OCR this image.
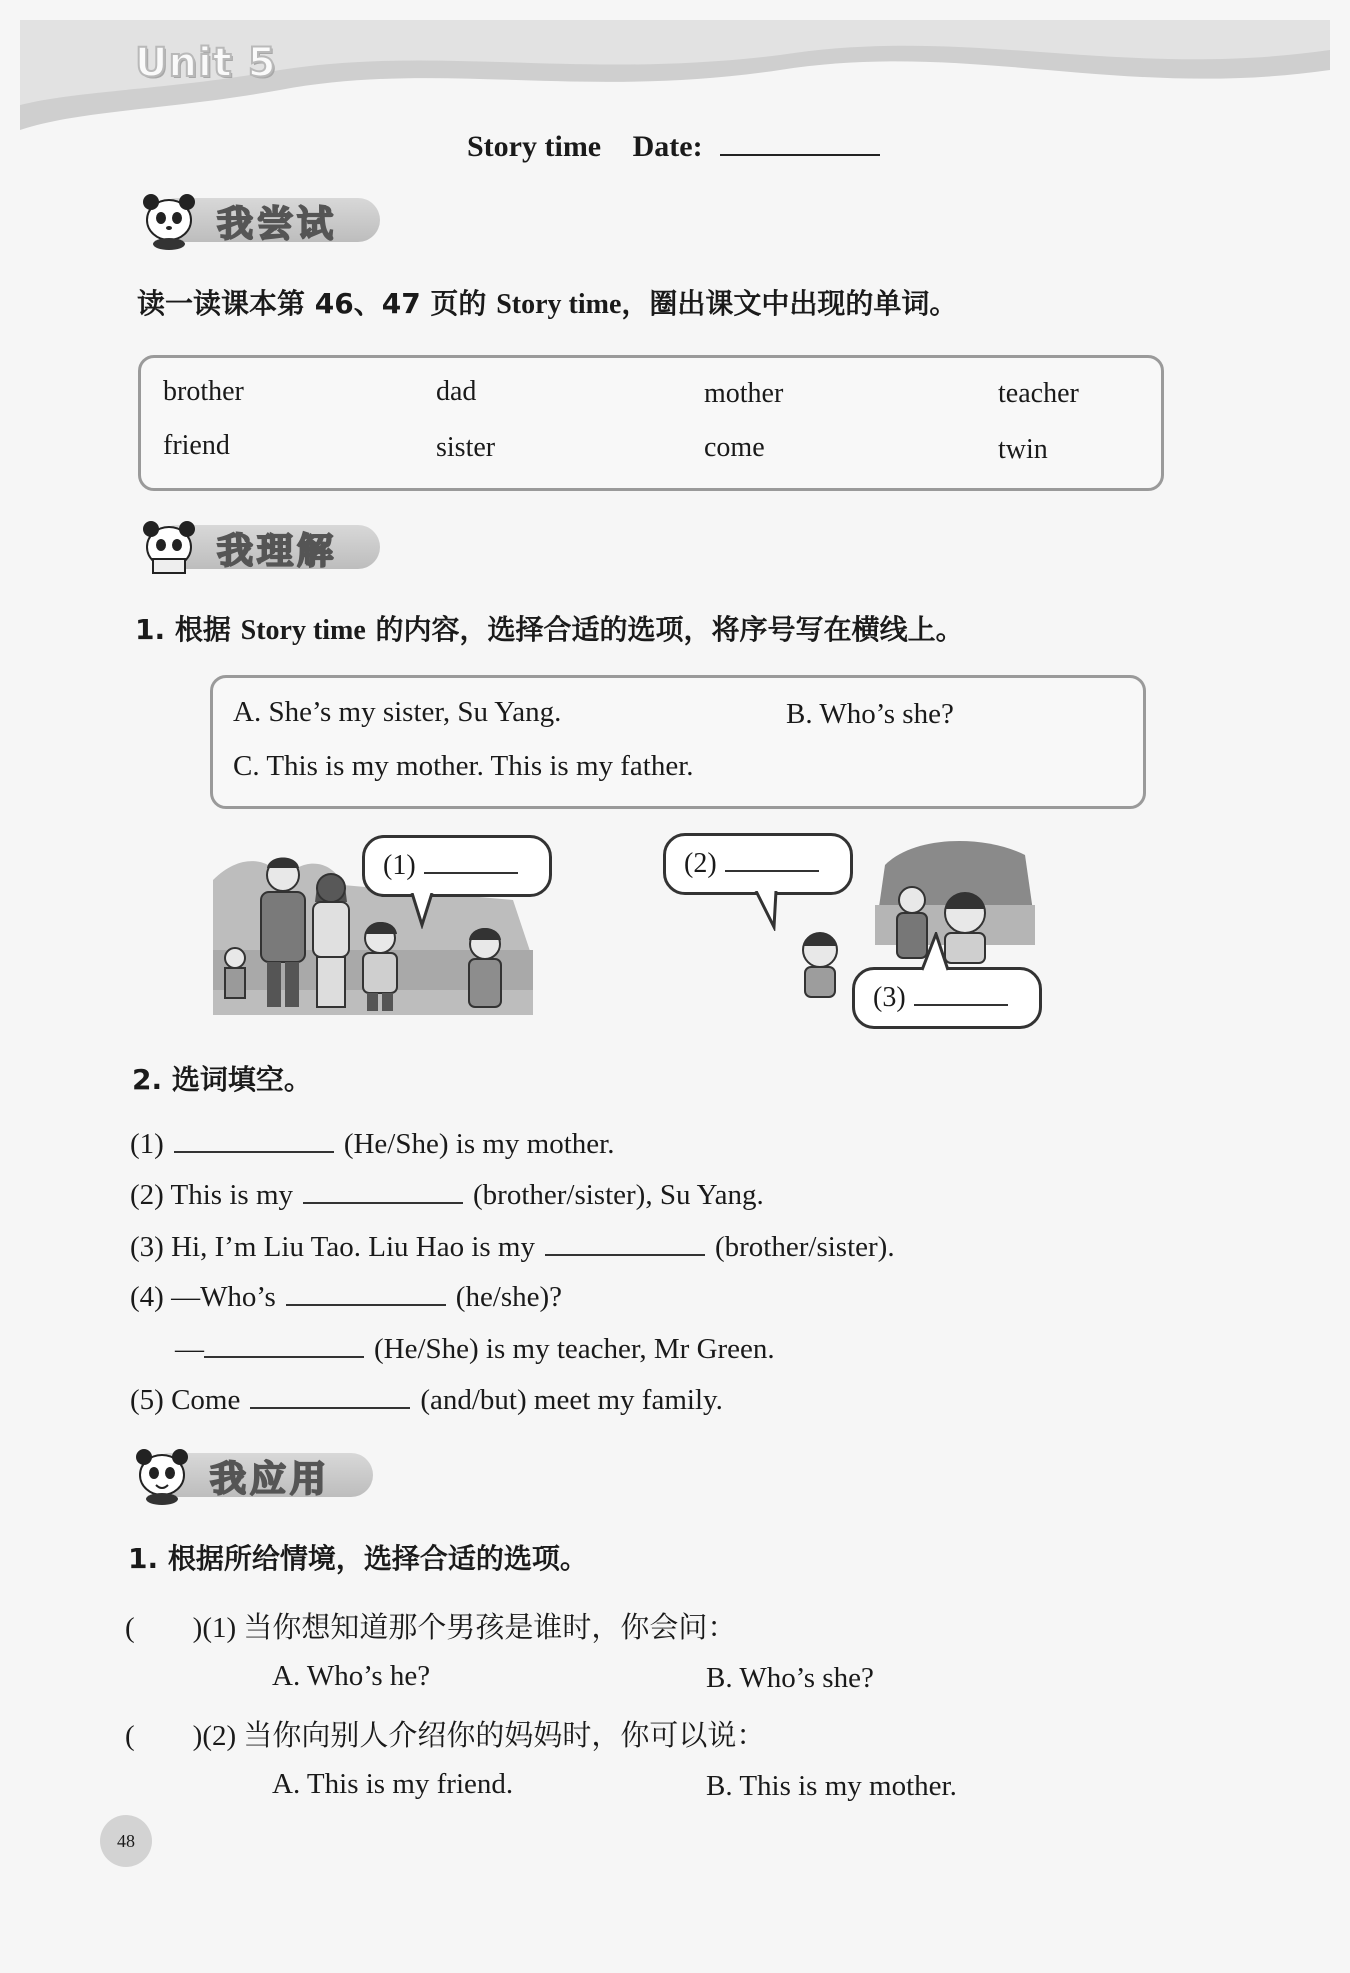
Unit 5
Story time Date:
我尝试
读一读课本第 46、47 页的 Story time，圈出课文中出现的单词。
brother	dad	mother	teacher
friend	sister	come	twin
我理解
1. 根据 Story time 的内容，选择合适的选项，将序号写在横线上。
A. She’s my sister, Su Yang.	B. Who’s she?
C. This is my mother. This is my father.
(1)	(2)
(3)
2. 选词填空。
(1)	(He/She) is my mother.
(2) This is my	(brother/sister), Su Yang.
(3) Hi, I’m Liu Tao. Liu Hao is my	(brother/sister).
(4) —Who’s	(he/she)?
—	(He/She) is my teacher, Mr Green.
(5) Come	(and/but) meet my family.
我应用
1. 根据所给情境，选择合适的选项。
(        )(1) 当你想知道那个男孩是谁时，你会问：
A. Who’s he?	B. Who’s she?
(        )(2) 当你向别人介绍你的妈妈时，你可以说：
A. This is my friend.	B. This is my mother.
48
